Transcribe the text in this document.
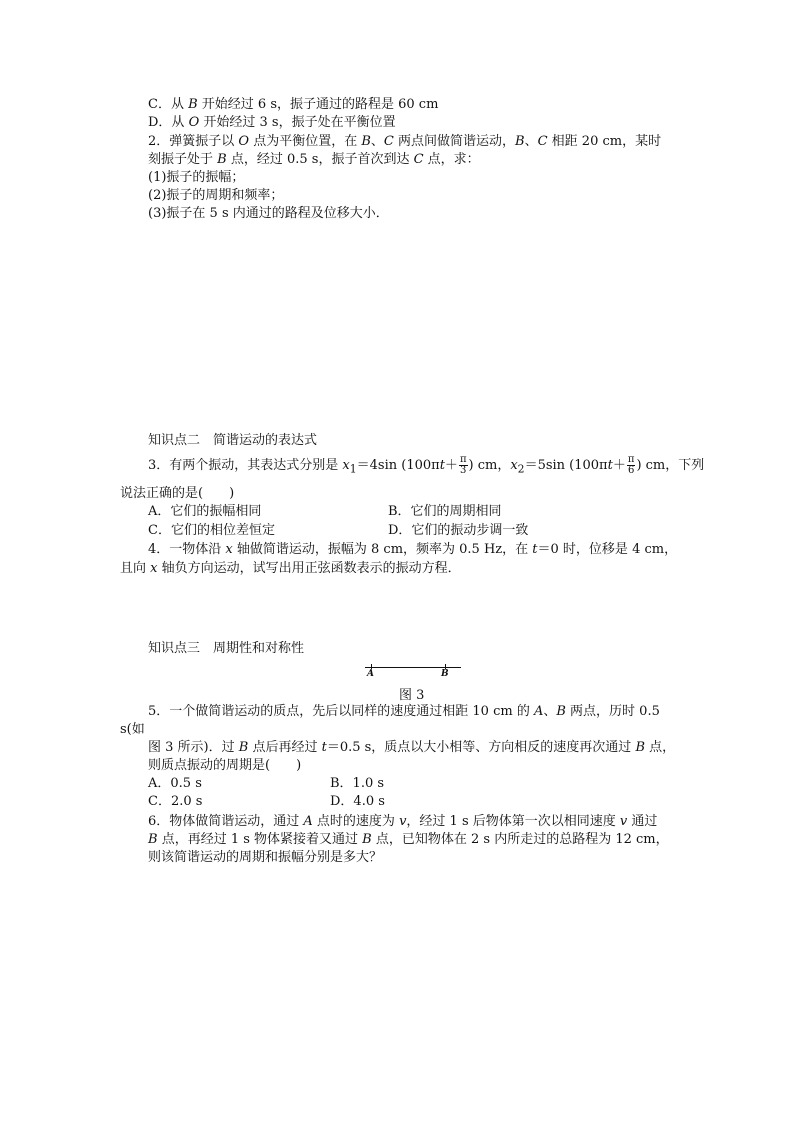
C．从 B 开始经过 6 s，振子通过的路程是 60 cm
D．从 O 开始经过 3 s，振子处在平衡位置
2．弹簧振子以 O 点为平衡位置，在 B、C 两点间做简谐运动，B、C 相距 20 cm，某时
刻振子处于 B 点，经过 0.5 s，振子首次到达 C 点，求：
(1)振子的振幅；
(2)振子的周期和频率；
(3)振子在 5 s 内通过的路程及位移大小．
知识点二　简谐运动的表达式
3．有两个振动，其表达式分别是 $x_1=4\sin$ ($100\pi t+ \frac{\pi}{3}$ ) cm，$x_2=5\sin$ ($100\pi t+ \frac{\pi}{6}$ ) cm，下列
说法正确的是(　　)
A．它们的振幅相同	B．它们的周期相同
C．它们的相位差恒定	D．它们的振动步调一致
4．一物体沿 x 轴做简谐运动，振幅为 8 cm，频率为 0.5 Hz，在 t＝0 时，位移是 4 cm，
且向 x 轴负方向运动，试写出用正弦函数表示的振动方程．
知识点三　周期性和对称性
A	B
图 3
5．一个做简谐运动的质点，先后以同样的速度通过相距 10 cm 的 A、B 两点，历时 0.5
s(如
图 3 所示)．过 B 点后再经过 t＝0.5 s，质点以大小相等、方向相反的速度再次通过 B 点，
则质点振动的周期是(　　)
A．0.5 s	B．1.0 s
C．2.0 s	D．4.0 s
6．物体做简谐运动，通过 A 点时的速度为 v，经过 1 s 后物体第一次以相同速度 v 通过
B 点，再经过 1 s 物体紧接着又通过 B 点，已知物体在 2 s 内所走过的总路程为 12 cm，
则该简谐运动的周期和振幅分别是多大？
